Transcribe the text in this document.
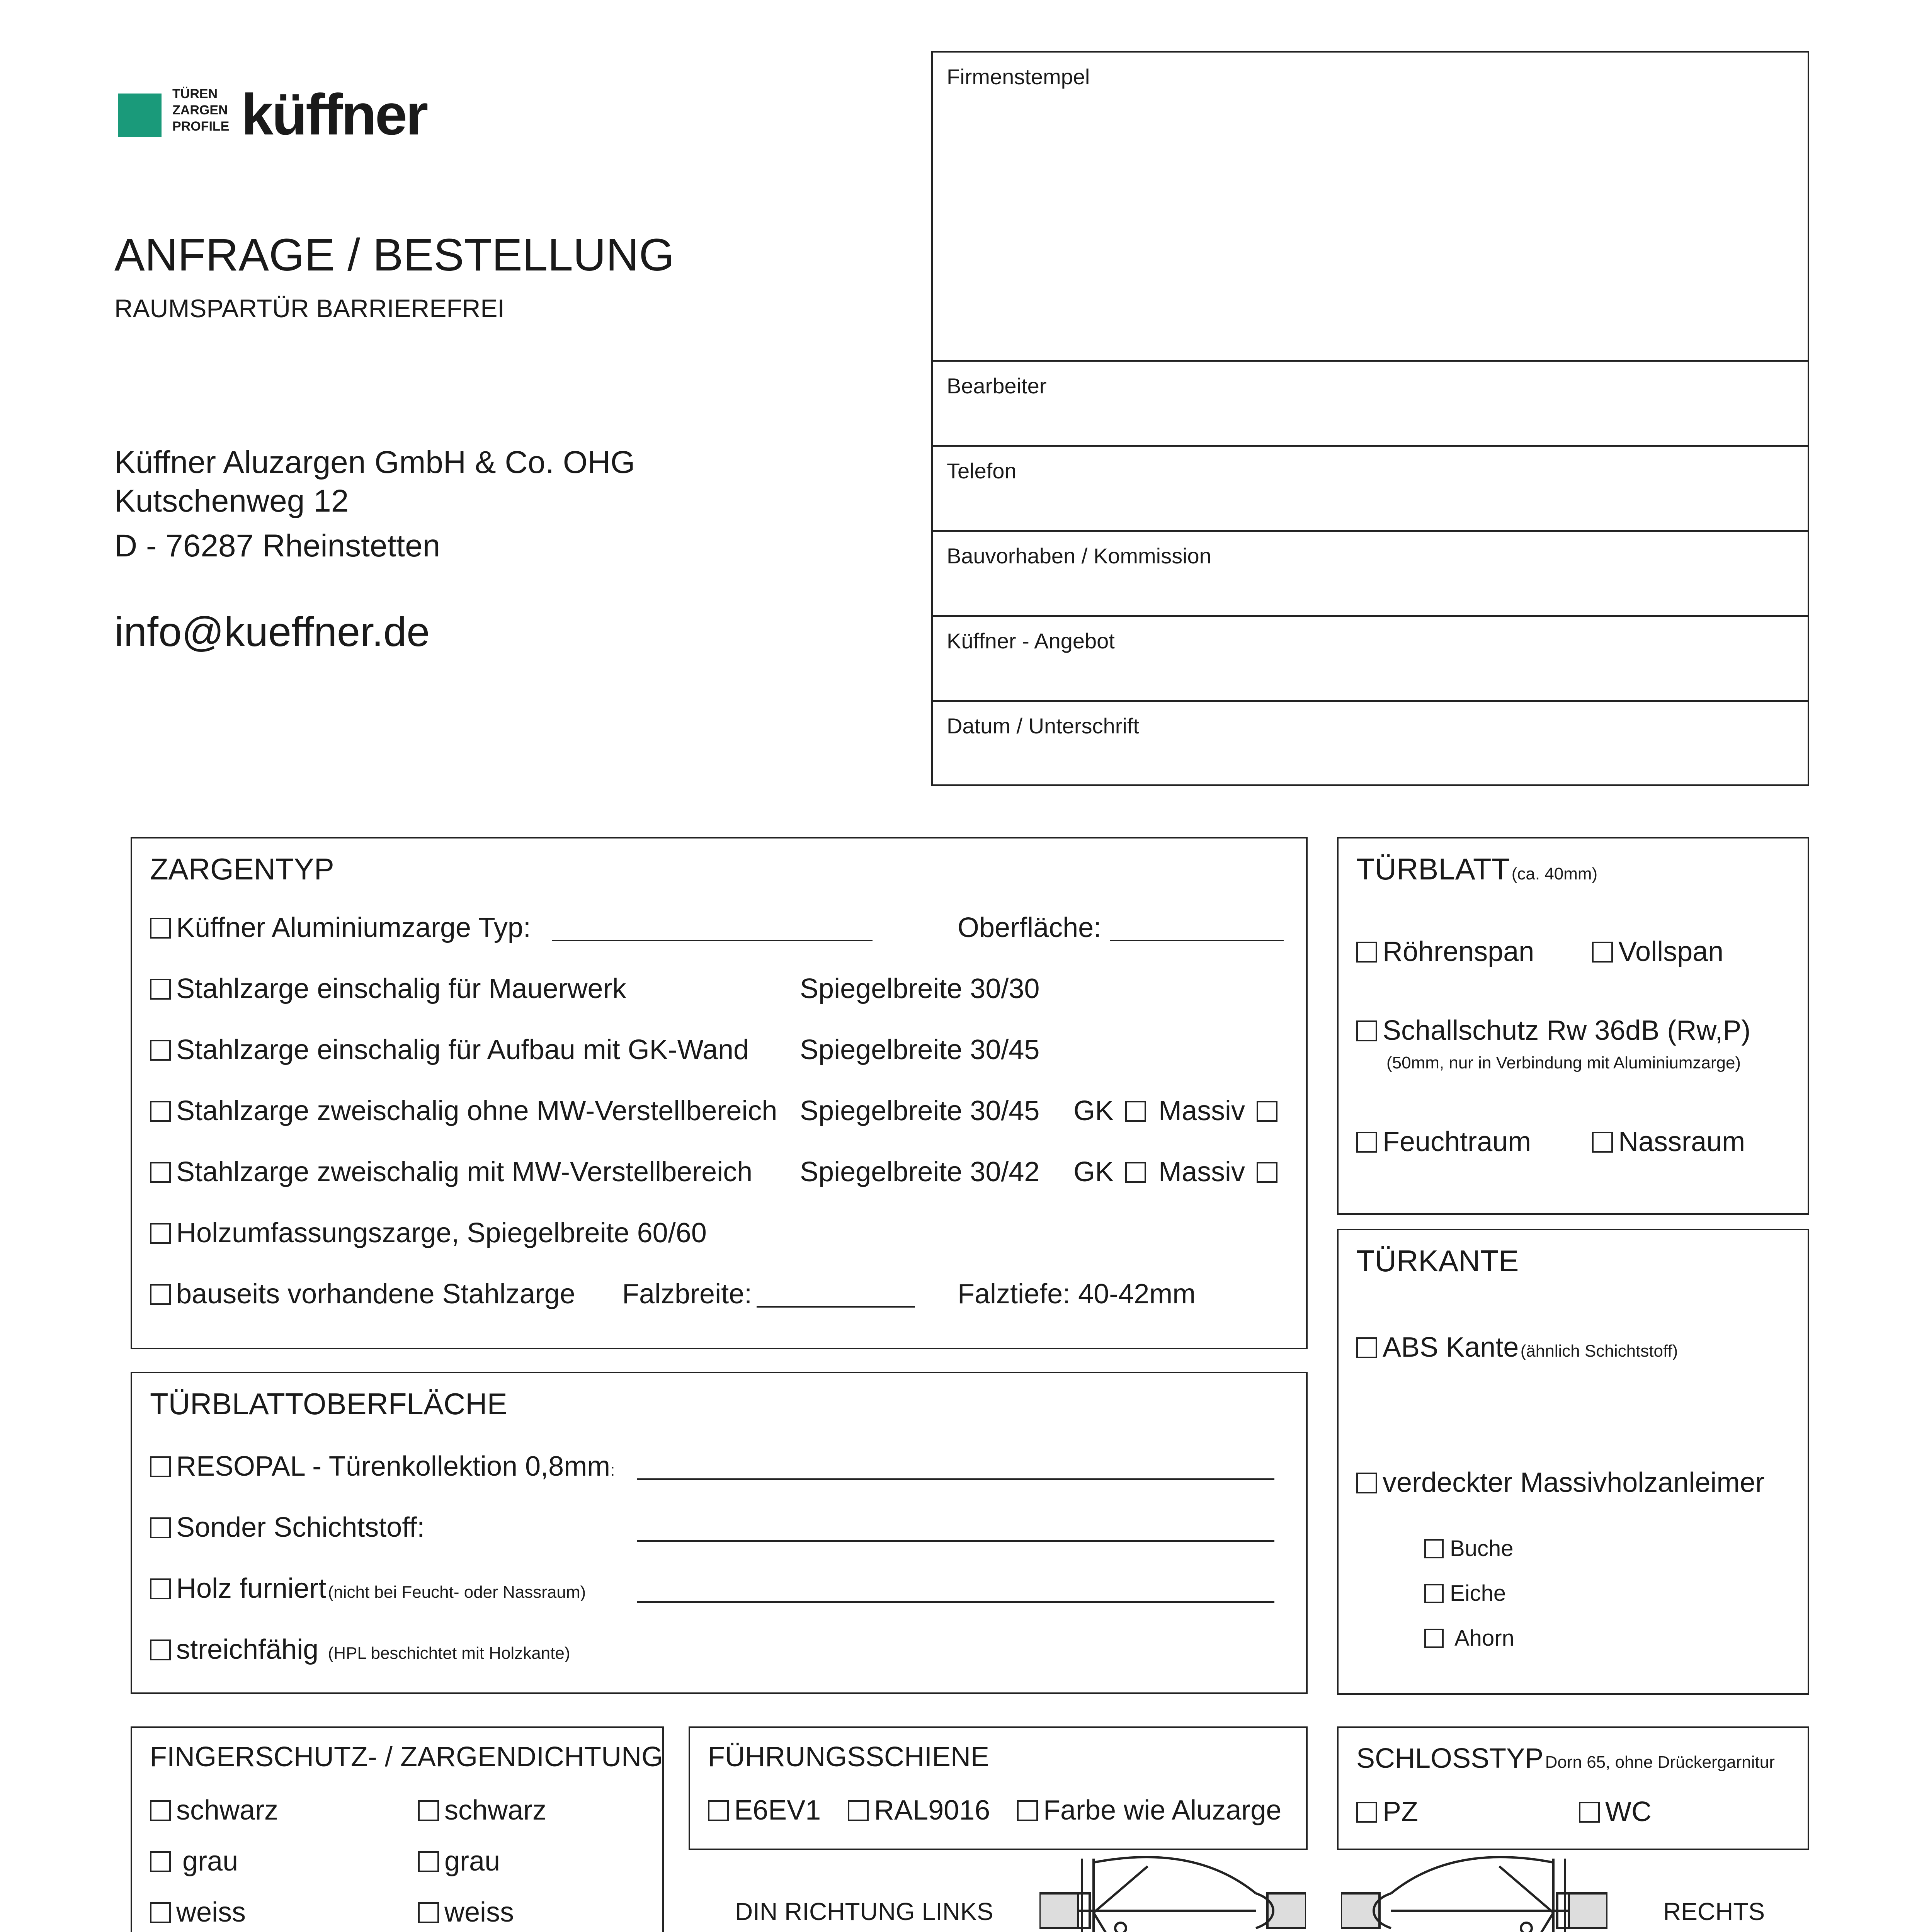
TÜREN
ZARGEN
PROFILE küffner
ANFRAGE / BESTELLUNG
RAUMSPARTÜR BARRIEREFREI
Küffner Aluzargen GmbH & Co. OHG
Kutschenweg 12
D - 76287 Rheinstetten
info@kueffner.de
Firmenstempel
Bearbeiter
Telefon
Bauvorhaben / Kommission
Küffner - Angebot
Datum / Unterschrift
ZARGENTYP
Küffner Aluminiumzarge Typ:	Oberfläche:
Stahlzarge einschalig für Mauerwerk	Spiegelbreite 30/30
Stahlzarge einschalig für Aufbau mit GK-Wand Spiegelbreite 30/45
Stahlzarge zweischalig ohne MW-Verstellbereich Spiegelbreite 30/45 GK	Massiv
Stahlzarge zweischalig mit MW-Verstellbereich Spiegelbreite 30/42 GK	Massiv
Holzumfassungszarge, Spiegelbreite 60/60
bauseits vorhandene Stahlzarge Falzbreite:	Falztiefe: 40-42mm
TÜRBLATT (ca. 40mm)
Röhrenspan	Vollspan
Schallschutz Rw 36dB (Rw,P)
(50mm, nur in Verbindung mit Aluminiumzarge)
Feuchtraum	Nassraum
TÜRKANTE
ABS Kante (ähnlich Schichtstoff)
verdeckter Massivholzanleimer
Buche
Eiche
Ahorn
TÜRBLATTOBERFLÄCHE
RESOPAL - Türenkollektion 0,8mm:
Sonder Schichtstoff:
Holz furniert (nicht bei Feucht- oder Nassraum)
streichfähig (HPL beschichtet mit Holzkante)
FINGERSCHUTZ- / ZARGENDICHTUNG
schwarz
grau
weiss
schwarz
grau
weiss
FÜHRUNGSSCHIENE
E6EV1	RAL9016	Farbe wie Aluzarge
SCHLOSSTYP Dorn 65, ohne Drückergarnitur
PZ	WC
DIN RICHTUNG LINKS	RECHTS
